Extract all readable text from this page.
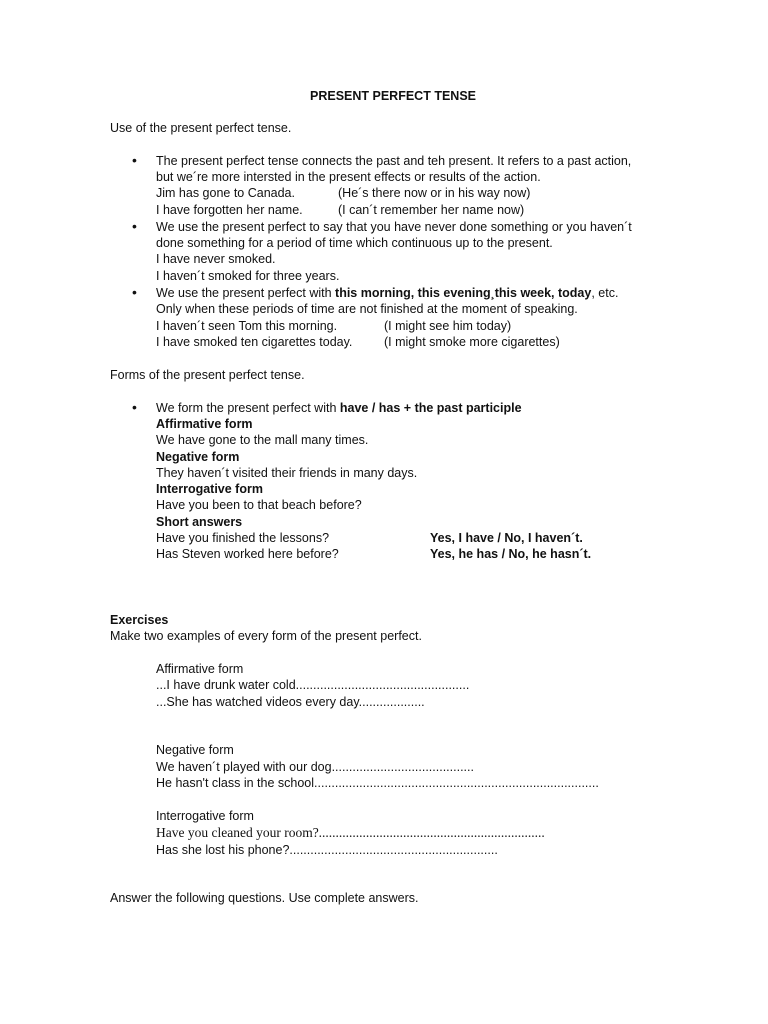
PRESENT PERFECT TENSE
Use of the present perfect tense.
• The present perfect tense connects the past and teh present. It refers to a past action,
but we´re more intersted in the present effects or results of the action.
Jim has gone to Canada.	(He´s there now or in his way now)
I have forgotten her name.	(I can´t remember her name now)
• We use the present perfect to say that you have never done something or you haven´t
done something for a period of time which continuous up to the present.
I have never smoked.
I haven´t smoked for three years.
• We use the present perfect with this morning, this evening¸this week, today, etc.
Only when these periods of time are not finished at the moment of speaking.
I haven´t seen Tom this morning.	(I might see him today)
I have smoked ten cigarettes today.	(I might smoke more cigarettes)
Forms of the present perfect tense.
• We form the present perfect with have / has + the past participle
Affirmative form
We have gone to the mall many times.
Negative form
They haven´t visited their friends in many days.
Interrogative form
Have you been to that beach before?
Short answers
Have you finished the lessons?	Yes, I have / No, I haven´t.
Has Steven worked here before?	Yes, he has / No, he hasn´t.
Exercises
Make two examples of every form of the present perfect.
Affirmative form
...I have drunk water cold..................................................
...She has watched videos every day...................
Negative form
We haven´t played with our dog.........................................
He hasn't class in the school..................................................................................
Interrogative form
Have you cleaned your room?...................................................................
Has she lost his phone?............................................................
Answer the following questions. Use complete answers.
